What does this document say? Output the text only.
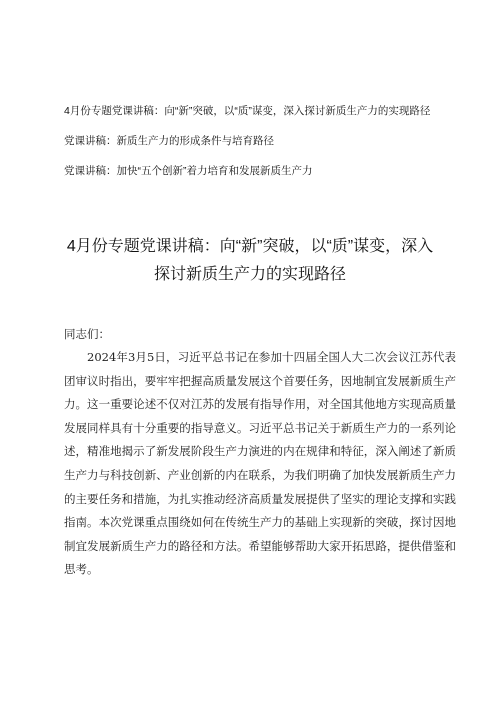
4月份专题党课讲稿：向“新”突破，以“质”谋变，深入探讨新质生产力的实现路径
党课讲稿：新质生产力的形成条件与培育路径
党课讲稿：加快“五个创新”着力培育和发展新质生产力
4月份专题党课讲稿：向“新”突破，以“质”谋变，深入探讨新质生产力的实现路径
同志们：

2024年3月5日，习近平总书记在参加十四届全国人大二次会议江苏代表团审议时指出，要牢牢把握高质量发展这个首要任务，因地制宜发展新质生产力。这一重要论述不仅对江苏的发展有指导作用，对全国其他地方实现高质量发展同样具有十分重要的指导意义。习近平总书记关于新质生产力的一系列论述，精准地揭示了新发展阶段生产力演进的内在规律和特征，深入阐述了新质生产力与科技创新、产业创新的内在联系，为我们明确了加快发展新质生产力的主要任务和措施，为扎实推动经济高质量发展提供了坚实的理论支撑和实践指南。本次党课重点围绕如何在传统生产力的基础上实现新的突破，探讨因地制宜发展新质生产力的路径和方法。希望能够帮助大家开拓思路，提供借鉴和思考。
